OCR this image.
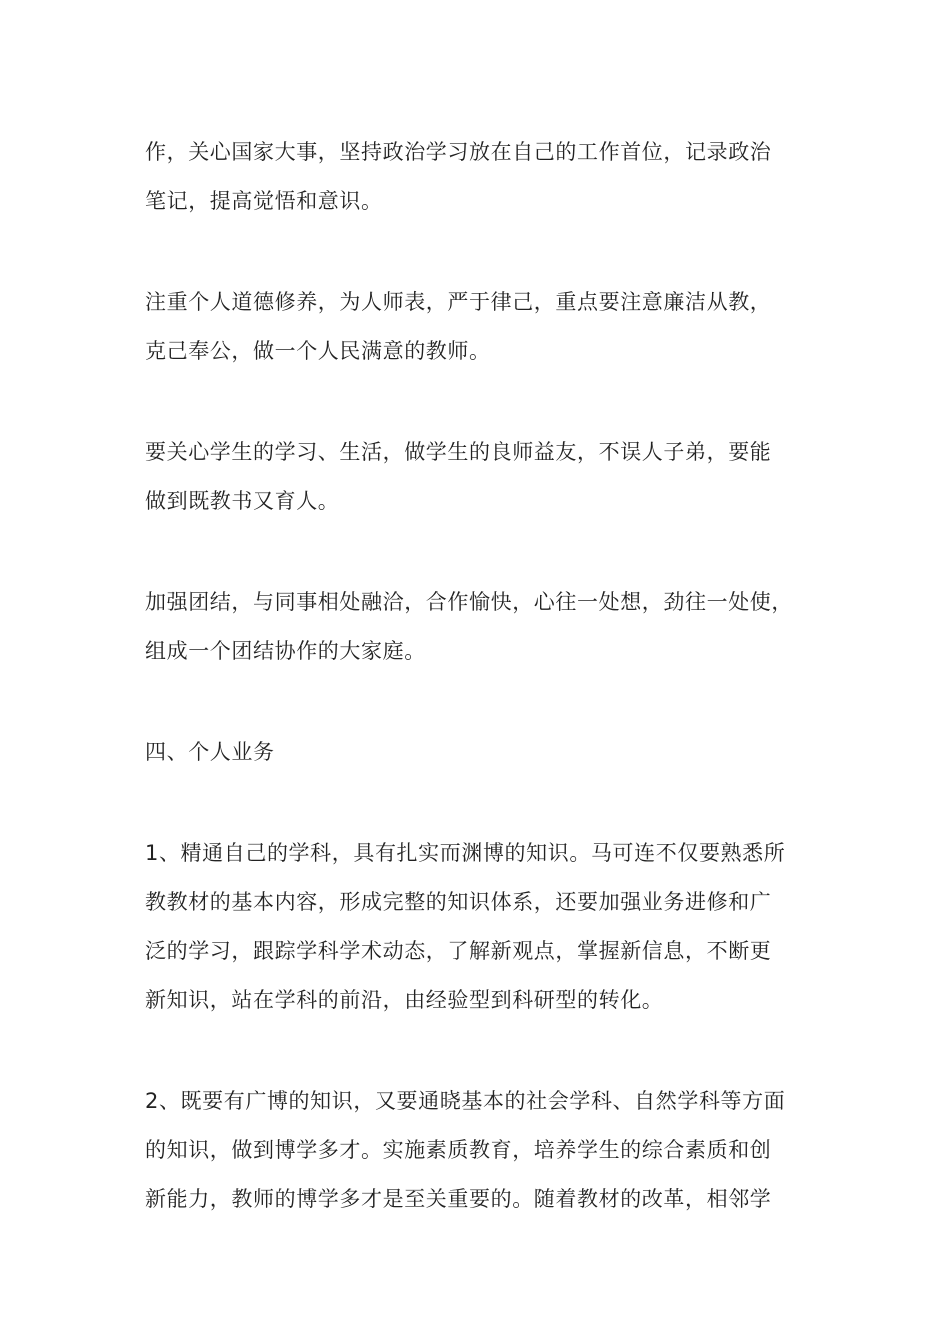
作，关心国家大事，坚持政治学习放在自己的工作首位，记录政治
笔记，提高觉悟和意识。

注重个人道德修养，为人师表，严于律己，重点要注意廉洁从教，
克己奉公，做一个人民满意的教师。

要关心学生的学习、生活，做学生的良师益友，不误人子弟，要能
做到既教书又育人。

加强团结，与同事相处融洽，合作愉快，心往一处想，劲往一处使，
组成一个团结协作的大家庭。

四、个人业务

1、精通自己的学科，具有扎实而渊博的知识。马可连不仅要熟悉所
教教材的基本内容，形成完整的知识体系，还要加强业务进修和广
泛的学习，跟踪学科学术动态，了解新观点，掌握新信息，不断更
新知识，站在学科的前沿，由经验型到科研型的转化。

2、既要有广博的知识，又要通晓基本的社会学科、自然学科等方面
的知识，做到博学多才。实施素质教育，培养学生的综合素质和创
新能力，教师的博学多才是至关重要的。随着教材的改革，相邻学
